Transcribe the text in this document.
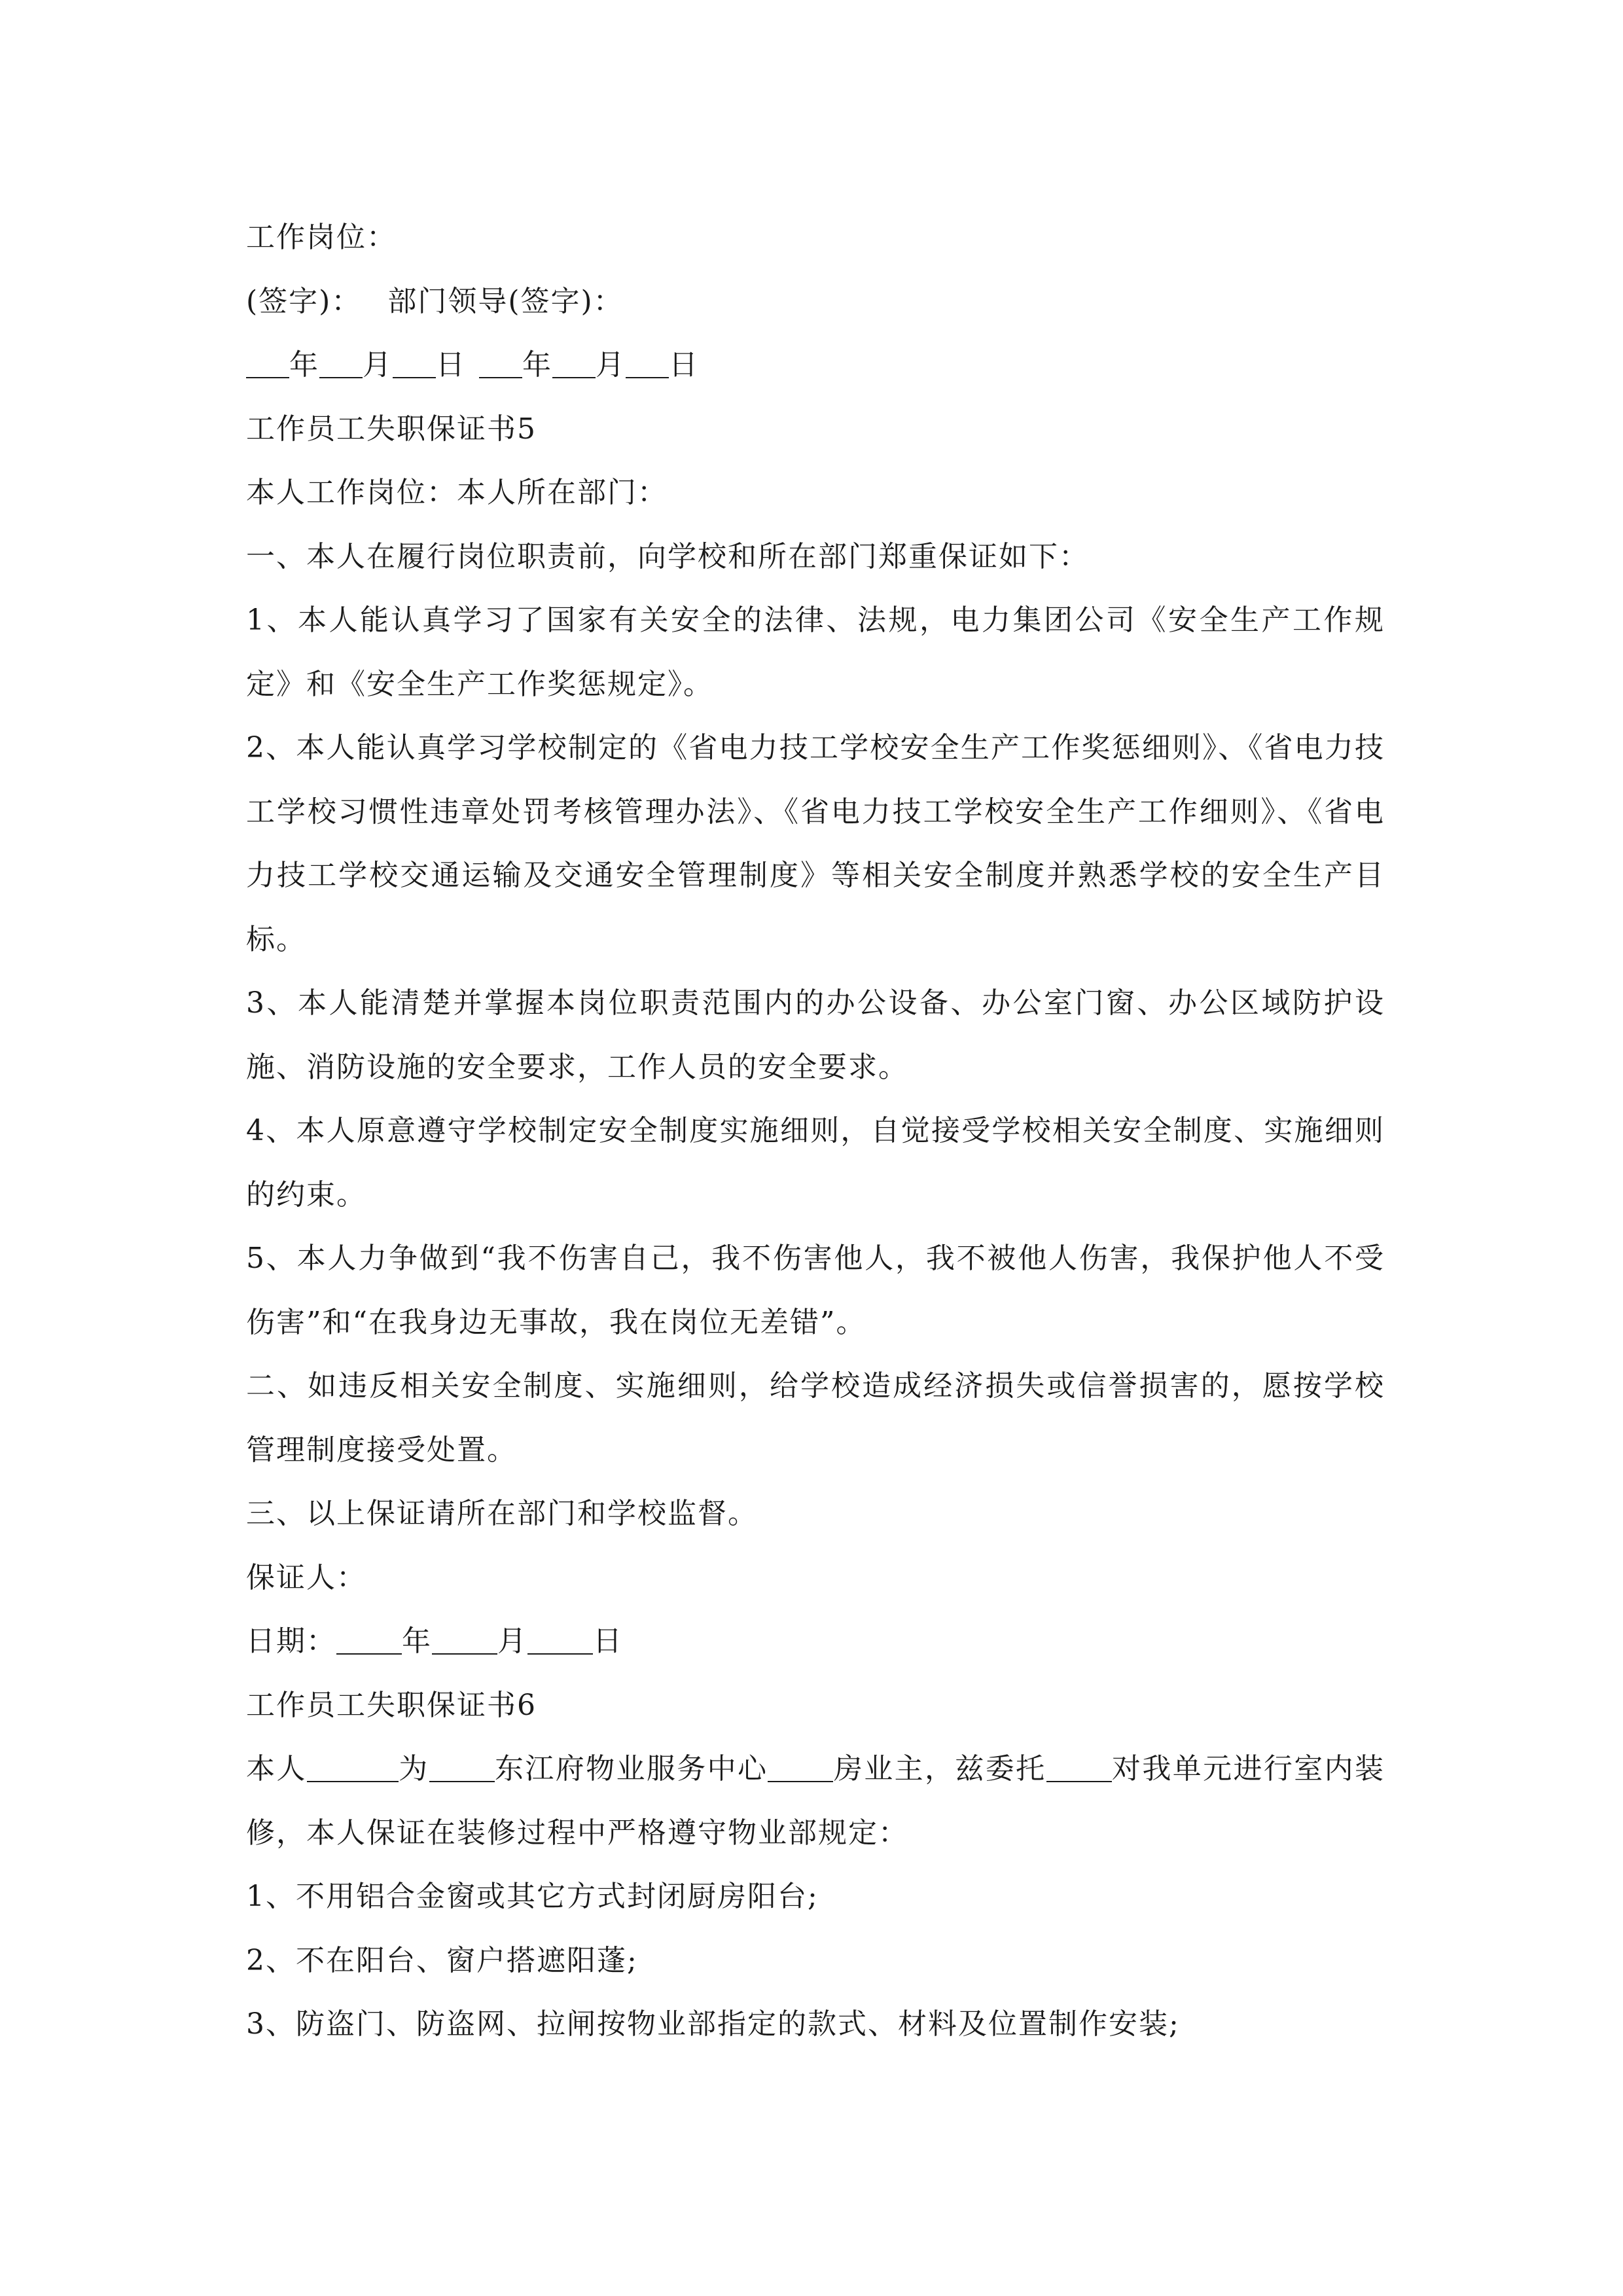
工作岗位：
(签字)： 部门领导(签字)：
年 月 日 年 月 日
工作员工失职保证书5
本人工作岗位：本人所在部门：
一、本人在履行岗位职责前，向学校和所在部门郑重保证如下：
1、本人能认真学习了国家有关安全的法律、法规，电力集团公司《安全生产工作规定》和《安全生产工作奖惩规定》。
2、本人能认真学习学校制定的《省电力技工学校安全生产工作奖惩细则》、《省电力技工学校习惯性违章处罚考核管理办法》、《省电力技工学校安全生产工作细则》、《省电力技工学校交通运输及交通安全管理制度》等相关安全制度并熟悉学校的安全生产目标。
3、本人能清楚并掌握本岗位职责范围内的办公设备、办公室门窗、办公区域防护设施、消防设施的安全要求，工作人员的安全要求。
4、本人原意遵守学校制定安全制度实施细则，自觉接受学校相关安全制度、实施细则的约束。
5、本人力争做到“我不伤害自己，我不伤害他人，我不被他人伤害，我保护他人不受伤害”和“在我身边无事故，我在岗位无差错”。
二、如违反相关安全制度、实施细则，给学校造成经济损失或信誉损害的，愿按学校管理制度接受处置。
三、以上保证请所在部门和学校监督。
保证人：
日期： 年 月 日
工作员工失职保证书6
本人	为 东江府物业服务中心 房业主，兹委托 对我单元进行室内装修，本人保证在装修过程中严格遵守物业部规定：
1、不用铝合金窗或其它方式封闭厨房阳台;
2、不在阳台、窗户搭遮阳蓬;
3、防盗门、防盗网、拉闸按物业部指定的款式、材料及位置制作安装;
